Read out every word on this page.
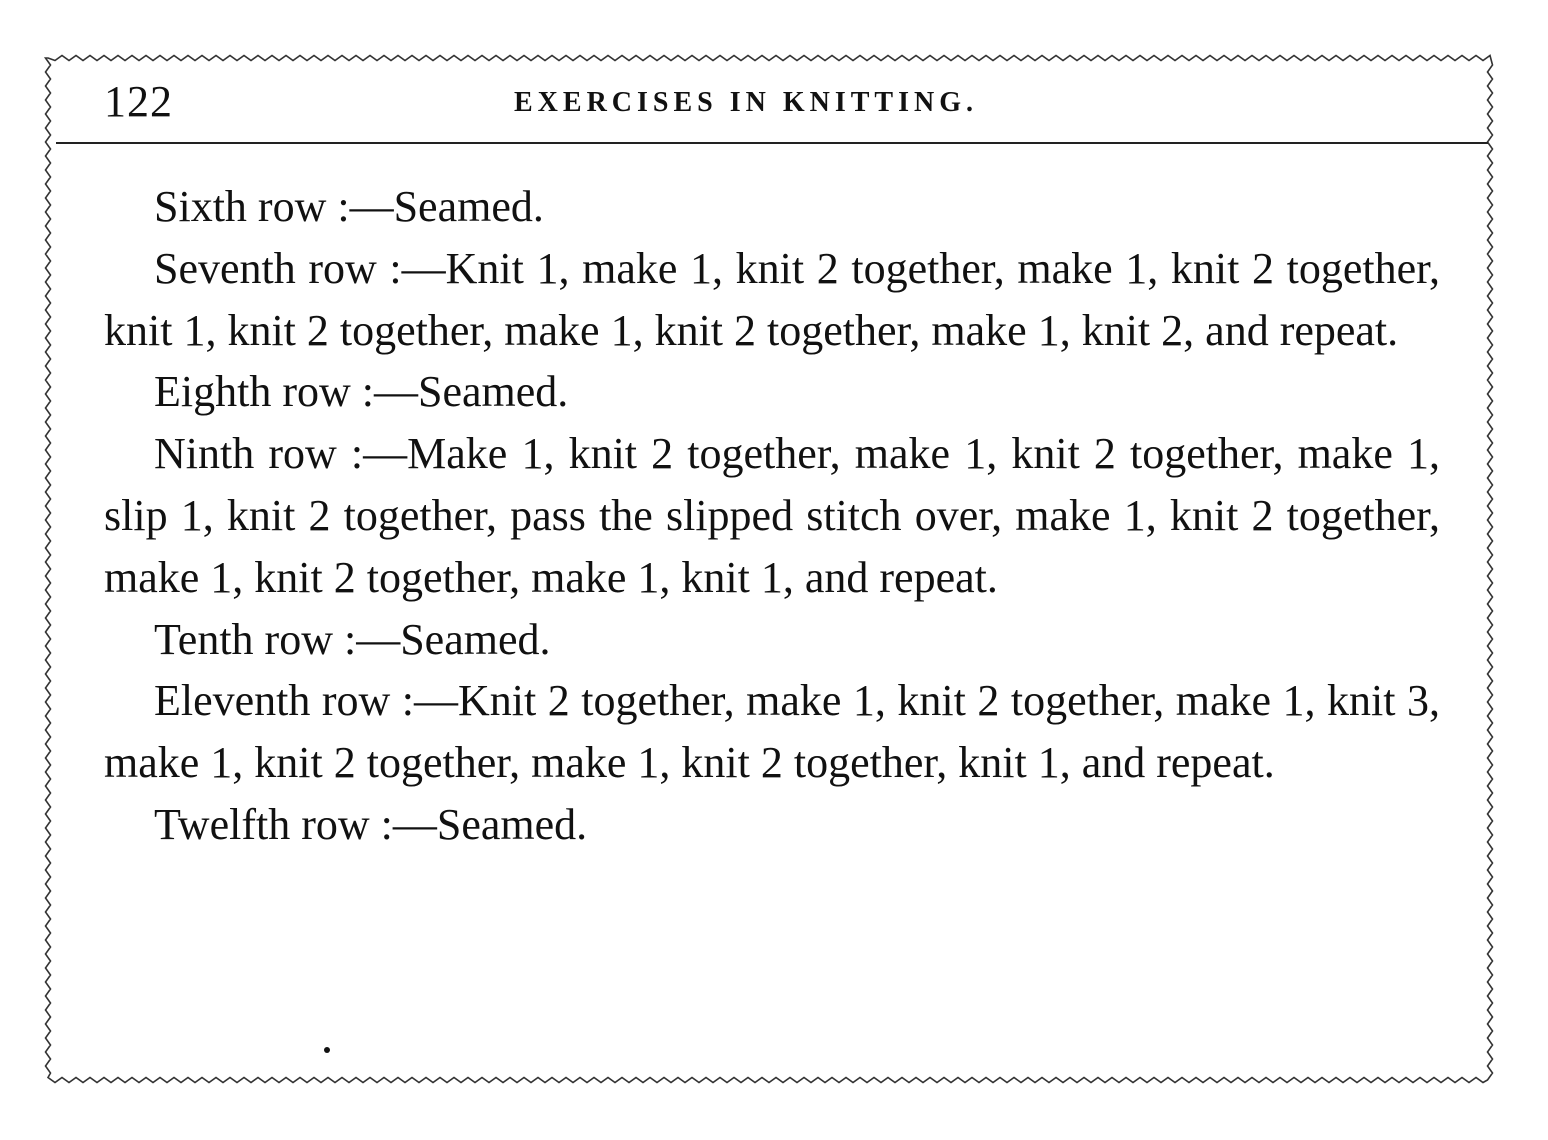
122	EXERCISES IN KNITTING.

Sixth row :—Seamed.

Seventh row :—Knit 1, make 1, knit 2 together, make 1, knit 2 together, knit 1, knit 2 together, make 1, knit 2 together, make 1, knit 2, and repeat.

Eighth row :—Seamed.

Ninth row :—Make 1, knit 2 together, make 1, knit 2 together, make 1, slip 1, knit 2 together, pass the slipped stitch over, make 1, knit 2 together, make 1, knit 2 together, make 1, knit 1, and repeat.

Tenth row :—Seamed.

Eleventh row :—Knit 2 together, make 1, knit 2 together, make 1, knit 3, make 1, knit 2 together, make 1, knit 2 together, knit 1, and repeat.

Twelfth row :—Seamed.
